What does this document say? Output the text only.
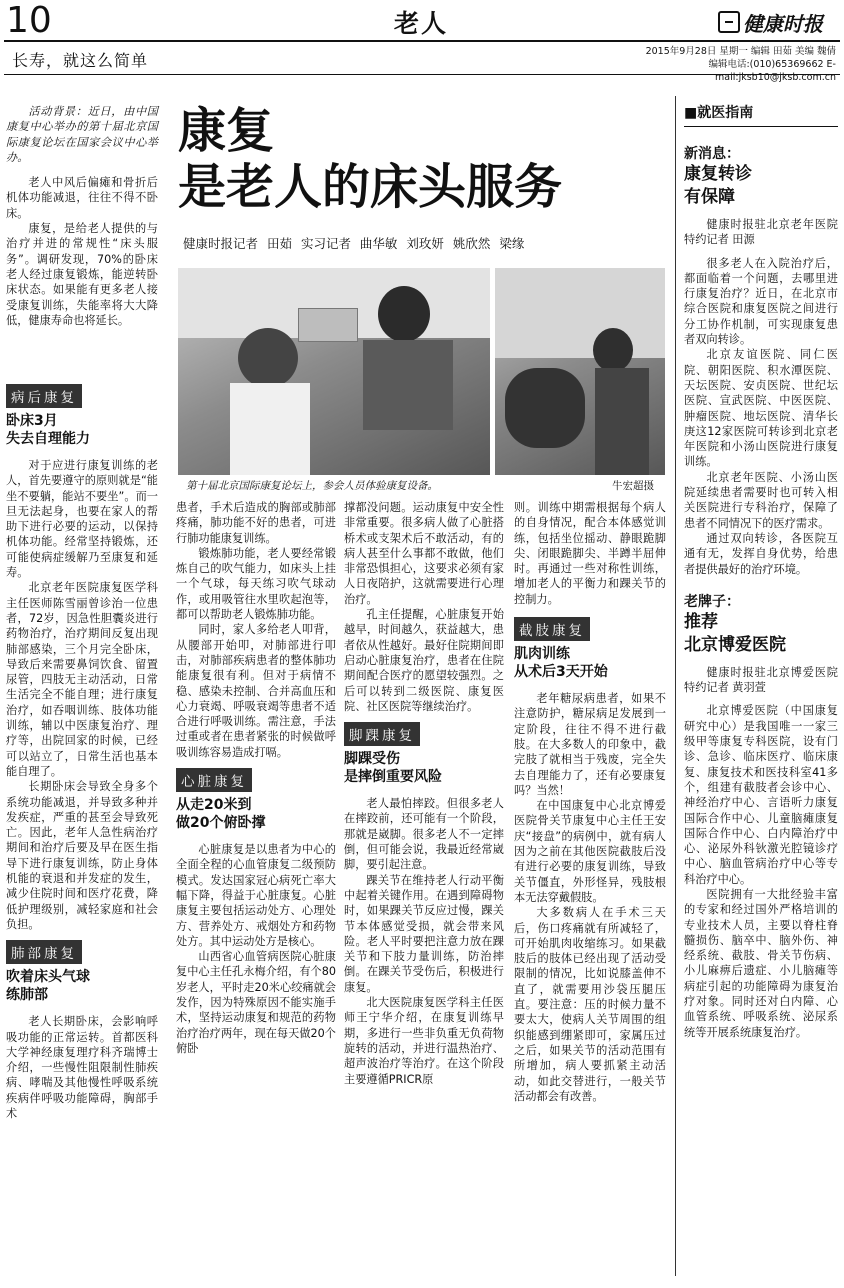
10	老人	健康时报
长寿，就这么简单	2015年9月28日 星期一 编辑 田茹 美编 魏倩
编辑电话:(010)65369662 E-mail:jksb10@jksb.com.cn

活动背景：近日，由中国康复中心举办的第十届北京国际康复论坛在国家会议中心举办。

老人中风后偏瘫和骨折后机体功能减退，往往不得不卧床。

康复，是给老人提供的与治疗并进的常规性“床头服务”。调研发现，70%的卧床老人经过康复锻炼，能逆转卧床状态。如果能有更多老人接受康复训练，失能率将大大降低，健康寿命也将延长。

康复
是老人的床头服务
健康时报记者 田茹 实习记者 曲华敏 刘玫妍 姚欣然 梁缘
第十届北京国际康复论坛上，参会人员体验康复设备。	牛宏超摄
病后康复
卧床3月
失去自理能力

对于应进行康复训练的老人，首先要遵守的原则就是“能坐不要躺，能站不要坐”。而一旦无法起身，也要在家人的帮助下进行必要的运动，以保持机体功能。经常坚持锻炼，还可能使病症缓解乃至康复和延寿。

北京老年医院康复医学科主任医师陈雪丽曾诊治一位患者，72岁，因急性胆囊炎进行药物治疗，治疗期间反复出现肺部感染，三个月完全卧床，导致后来需要鼻饲饮食、留置尿管，四肢无主动活动，日常生活完全不能自理；进行康复治疗，如吞咽训练、肢体功能训练，辅以中医康复治疗、理疗等，出院回家的时候，已经可以站立了，日常生活也基本能自理了。

长期卧床会导致全身多个系统功能减退，并导致多种并发疾症，严重的甚至会导致死亡。因此，老年人急性病治疗期间和治疗后要及早在医生指导下进行康复训练，防止身体机能的衰退和并发症的发生，减少住院时间和医疗花费，降低护理级别，减轻家庭和社会负担。

肺部康复
吹着床头气球
练肺部

老人长期卧床，会影响呼吸功能的正常运转。首都医科大学神经康复理疗科齐瑞博士介绍，一些慢性阻限制性肺疾病、哮喘及其他慢性呼吸系统疾病伴呼吸功能障碍，胸部手术

患者，手术后造成的胸部或肺部疼痛，肺功能不好的患者，可进行肺功能康复训练。

锻炼肺功能，老人要经常锻炼自己的吹气能力，如床头上挂一个气球，每天练习吹气球动作，或用吸管往水里吹起泡等，都可以帮助老人锻炼肺功能。

同时，家人多给老人叩背，从腰部开始叩，对肺部进行叩击，对肺部疾病患者的整体肺功能康复很有利。但对于病情不稳、感染未控制、合并高血压和心力衰竭、呼吸衰竭等患者不适合进行呼吸训练。需注意，手法过重或者在患者紧张的时候做呼吸训练容易造成打嗝。

心脏康复
从走20米到
做20个俯卧撑

心脏康复是以患者为中心的全面全程的心血管康复二级预防模式。发达国家冠心病死亡率大幅下降，得益于心脏康复。心脏康复主要包括运动处方、心理处方、营养处方、戒烟处方和药物处方。其中运动处方是核心。

山西省心血管病医院心脏康复中心主任孔永梅介绍，有个80岁老人，平时走20米心绞痛就会发作，因为特殊原因不能实施手术，坚持运动康复和规范的药物治疗治疗两年，现在每天做20个俯卧

撑都没问题。运动康复中安全性非常重要。很多病人做了心脏搭桥术或支架术后不敢活动，有的病人甚至什么事都不敢做，他们非常恐惧担心，这要求必须有家人日夜陪护，这就需要进行心理治疗。

孔主任提醒，心脏康复开始越早，时间越久，获益越大，患者依从性越好。最好住院期间即启动心脏康复治疗，患者在住院期间配合医疗的愿望较强烈。之后可以转到二级医院、康复医院、社区医院等继续治疗。

脚踝康复
脚踝受伤
是摔倒重要风险

老人最怕摔跤。但很多老人在摔跤前，还可能有一个阶段，那就是崴脚。很多老人不一定摔倒，但可能会说，我最近经常崴脚，要引起注意。

踝关节在维持老人行动平衡中起着关键作用。在遇到障碍物时，如果踝关节反应过慢，踝关节本体感觉受损，就会带来风险。老人平时要把注意力放在踝关节和下肢力量训练，防治摔倒。在踝关节受伤后，积极进行康复。

北大医院康复医学科主任医师王宁华介绍，在康复训练早期，多进行一些非负重无负荷物旋转的活动，并进行温热治疗、超声波治疗等治疗。在这个阶段主要遵循PRICR原

则。训练中期需根据每个病人的自身情况，配合本体感觉训练，包括坐位摇动、静眼跪脚尖、闭眼跪脚尖、半蹲半屈伸时。再通过一些对称性训练，增加老人的平衡力和踝关节的控制力。

截肢康复
肌肉训练
从术后3天开始

老年糖尿病患者，如果不注意防护，糖尿病足发展到一定阶段，往往不得不进行截肢。在大多数人的印象中，截完肢了就相当于残废，完全失去自理能力了，还有必要康复吗？当然！

在中国康复中心北京博爱医院骨关节康复中心主任王安庆“接盘”的病例中，就有病人因为之前在其他医院截肢后没有进行必要的康复训练，导致关节僵直，外形怪异，残肢根本无法穿戴假肢。

大多数病人在手术三天后，伤口疼痛就有所减轻了，可开始肌肉收缩练习。如果截肢后的肢体已经出现了活动受限制的情况，比如说膝盖伸不直了，就需要用沙袋压腿压直。要注意：压的时候力量不要太大，使病人关节周围的组织能感到绷紧即可，家属压过之后，如果关节的活动范围有所增加，病人要抓紧主动活动，如此交替进行，一般关节活动都会有改善。

■就医指南
新消息：
康复转诊
有保障

健康时报驻北京老年医院特约记者 田源

很多老人在入院治疗后，都面临着一个问题，去哪里进行康复治疗？近日，在北京市综合医院和康复医院之间进行分工协作机制，可实现康复患者双向转诊。

北京友谊医院、同仁医院、朝阳医院、积水潭医院、天坛医院、安贞医院、世纪坛医院、宣武医院、中医医院、肿瘤医院、地坛医院、清华长庚这12家医院可转诊到北京老年医院和小汤山医院进行康复训练。

北京老年医院、小汤山医院延续患者需要时也可转入相关医院进行专科治疗，保障了患者不同情况下的医疗需求。

通过双向转诊，各医院互通有无，发挥自身优势，给患者提供最好的治疗环境。

老牌子：
推荐
北京博爱医院

健康时报驻北京博爱医院特约记者 黄羽萱

北京博爱医院（中国康复研究中心）是我国唯一一家三级甲等康复专科医院，设有门诊、急诊、临床医疗、临床康复、康复技术和医技科室41多个，组建有截肢者会诊中心、神经治疗中心、言语听力康复国际合作中心、儿童脑瘫康复国际合作中心、白内障治疗中心、泌尿外科钬激光腔镜诊疗中心、脑血管病治疗中心等专科治疗中心。

医院拥有一大批经验丰富的专家和经过国外严格培训的专业技术人员，主要以脊柱脊髓损伤、脑卒中、脑外伤、神经系统、截肢、骨关节伤病、小儿麻痹后遗症、小儿脑瘫等病症引起的功能障碍为康复治疗对象。同时还对白内障、心血管系统、呼吸系统、泌尿系统等开展系统康复治疗。
